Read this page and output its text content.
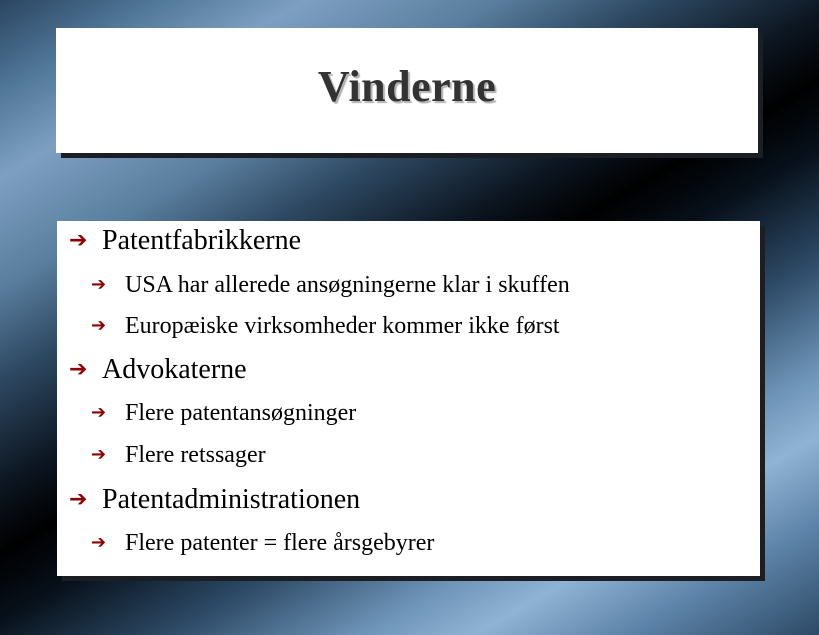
Vinderne
➔ Patentfabrikkerne
➔ USA har allerede ansøgningerne klar i skuffen
➔ Europæiske virksomheder kommer ikke først
➔ Advokaterne
➔ Flere patentansøgninger
➔ Flere retssager
➔ Patentadministrationen
➔ Flere patenter = flere årsgebyrer
